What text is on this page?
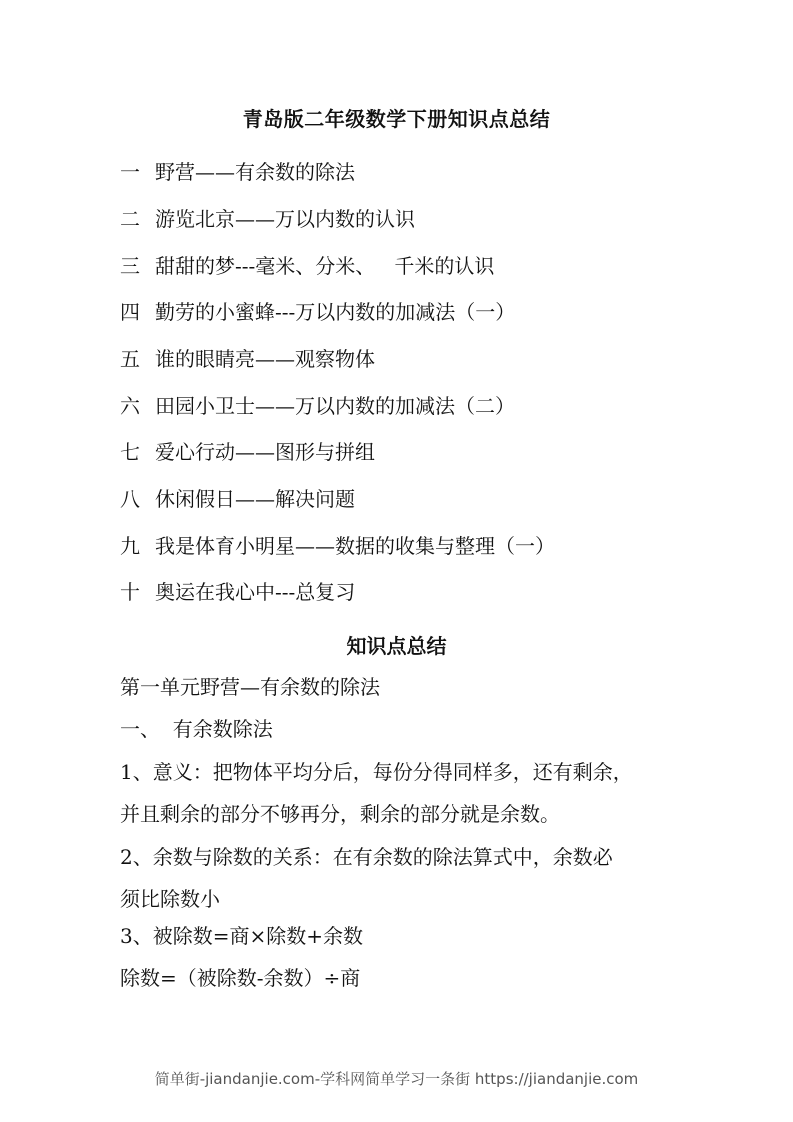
青岛版二年级数学下册知识点总结
一 野营——有余数的除法
二 游览北京——万以内数的认识
三 甜甜的梦---毫米、分米、   千米的认识
四 勤劳的小蜜蜂---万以内数的加减法（一）
五 谁的眼睛亮——观察物体
六 田园小卫士——万以内数的加减法（二）
七 爱心行动——图形与拼组
八 休闲假日——解决问题
九 我是体育小明星——数据的收集与整理（一）
十 奥运在我心中---总复习
知识点总结
第一单元野营—有余数的除法
一、  有余数除法
1、意义：把物体平均分后，每份分得同样多，还有剩余，
并且剩余的部分不够再分，剩余的部分就是余数。
2、余数与除数的关系：在有余数的除法算式中，余数必
须比除数小
3、被除数=商×除数+余数
除数=（被除数-余数）÷商
简单街-jiandanjie.com-学科网简单学习一条街 https://jiandanjie.com
